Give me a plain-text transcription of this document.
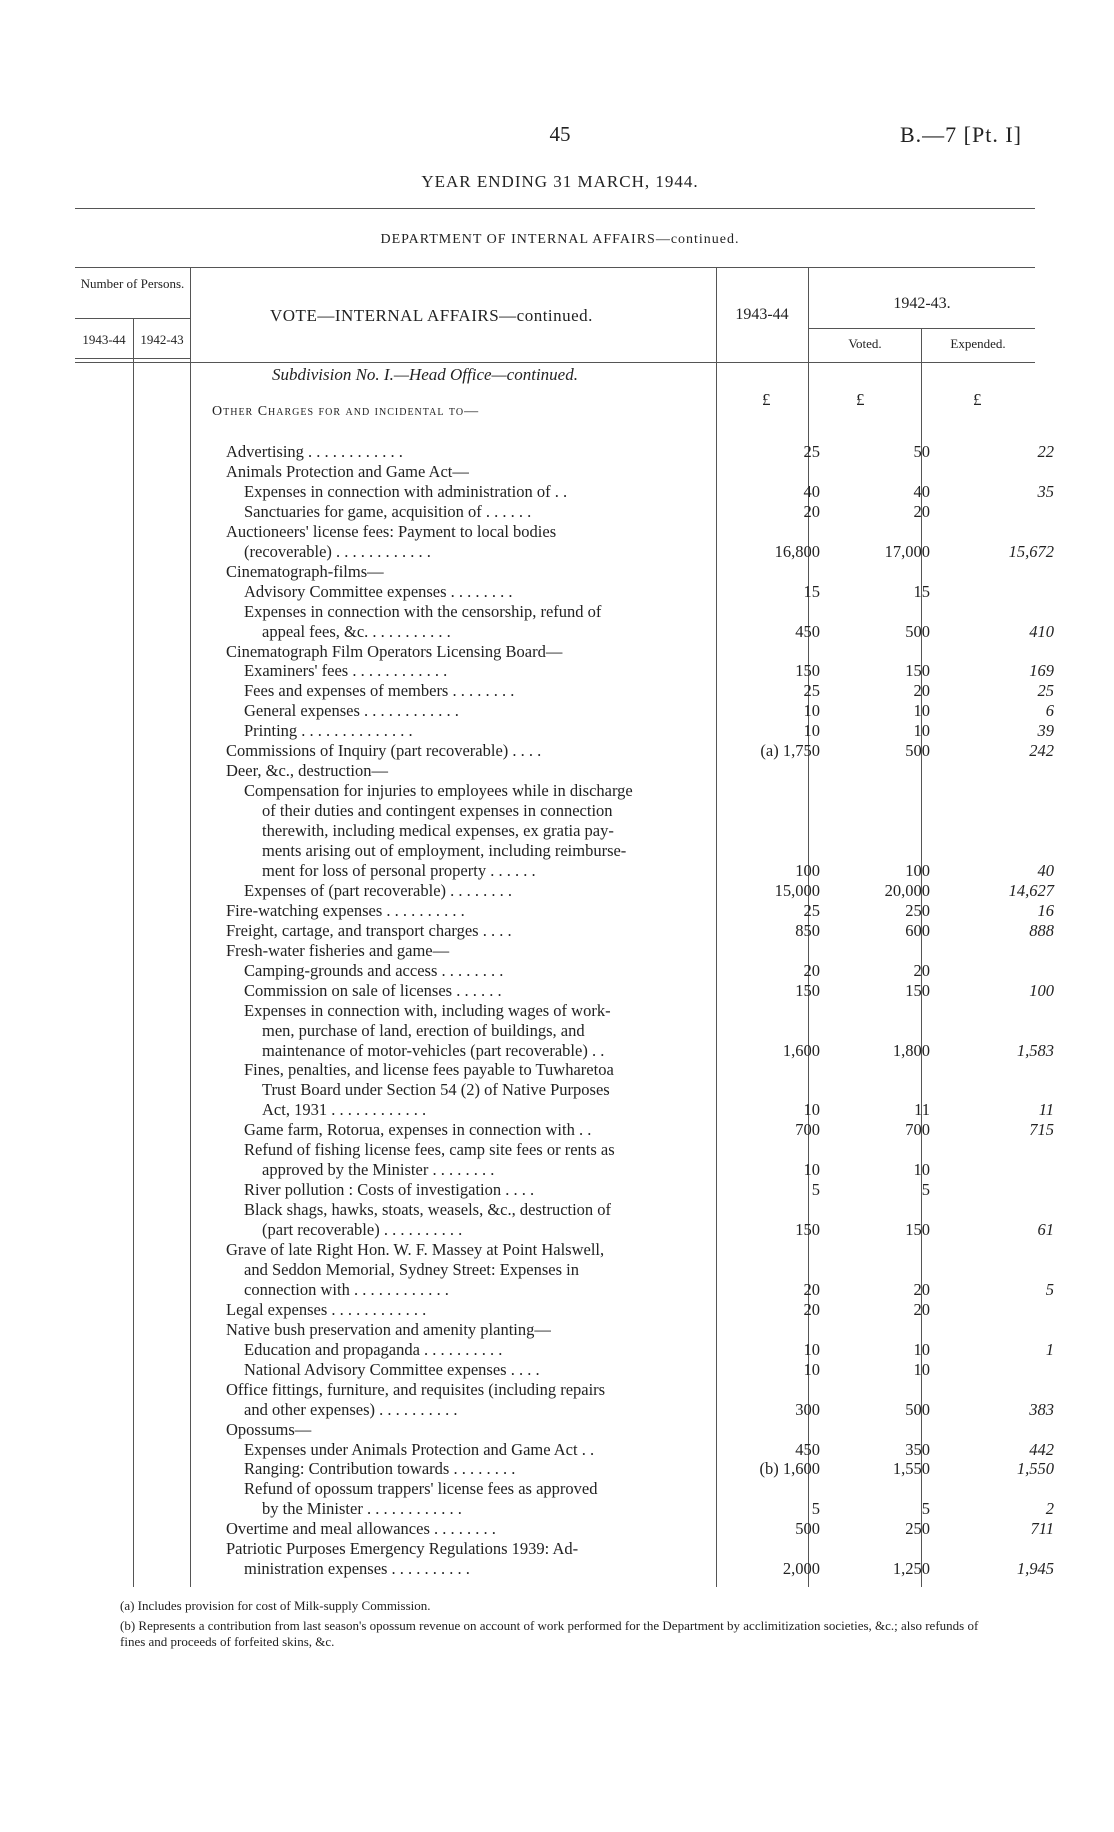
45	B.—7 [Pt. I]
YEAR ENDING 31 MARCH, 1944.
DEPARTMENT OF INTERNAL AFFAIRS—continued.
Number of Persons.
1943-44	1942-43
VOTE—INTERNAL AFFAIRS—continued.	1943-44
1942-43.
Voted.	Expended.
Subdivision No. I.—Head Office—continued.
Other Charges for and incidental to—
£	£	£
Advertising . . . . . . . . . . . .	25	50	22
Animals Protection and Game Act—
Expenses in connection with administration of . .	40	40	35
Sanctuaries for game, acquisition of . . . . . .	20	20
Auctioneers' license fees: Payment to local bodies
(recoverable) . . . . . . . . . . . .	16,800	17,000	15,672
Cinematograph-films—
Advisory Committee expenses . . . . . . . .	15	15
Expenses in connection with the censorship, refund of
appeal fees, &c. . . . . . . . . . .	450	500	410
Cinematograph Film Operators Licensing Board—
Examiners' fees . . . . . . . . . . . .	150	150	169
Fees and expenses of members . . . . . . . .	25	20	25
General expenses . . . . . . . . . . . .	10	10	6
Printing . . . . . . . . . . . . . .	10	10	39
Commissions of Inquiry (part recoverable) . . . .	(a) 1,750	500	242
Deer, &c., destruction—
Compensation for injuries to employees while in discharge
of their duties and contingent expenses in connection
therewith, including medical expenses, ex gratia pay-
ments arising out of employment, including reimburse-
ment for loss of personal property . . . . . .	100	100	40
Expenses of (part recoverable) . . . . . . . .	15,000	20,000	14,627
Fire-watching expenses . . . . . . . . . .	25	250	16
Freight, cartage, and transport charges . . . .	850	600	888
Fresh-water fisheries and game—
Camping-grounds and access . . . . . . . .	20	20
Commission on sale of licenses . . . . . .	150	150	100
Expenses in connection with, including wages of work-
men, purchase of land, erection of buildings, and
maintenance of motor-vehicles (part recoverable) . .	1,600	1,800	1,583
Fines, penalties, and license fees payable to Tuwharetoa
Trust Board under Section 54 (2) of Native Purposes
Act, 1931 . . . . . . . . . . . .	10	11	11
Game farm, Rotorua, expenses in connection with . .	700	700	715
Refund of fishing license fees, camp site fees or rents as
approved by the Minister . . . . . . . .	10	10
River pollution : Costs of investigation . . . .	5	5
Black shags, hawks, stoats, weasels, &c., destruction of
(part recoverable) . . . . . . . . . .	150	150	61
Grave of late Right Hon. W. F. Massey at Point Halswell,
and Seddon Memorial, Sydney Street: Expenses in
connection with . . . . . . . . . . . .	20	20	5
Legal expenses . . . . . . . . . . . .	20	20
Native bush preservation and amenity planting—
Education and propaganda . . . . . . . . . .	10	10	1
National Advisory Committee expenses . . . .	10	10
Office fittings, furniture, and requisites (including repairs
and other expenses) . . . . . . . . . .	300	500	383
Opossums—
Expenses under Animals Protection and Game Act . .	450	350	442
Ranging: Contribution towards . . . . . . . .	(b) 1,600	1,550	1,550
Refund of opossum trappers' license fees as approved
by the Minister . . . . . . . . . . . .	5	5	2
Overtime and meal allowances . . . . . . . .	500	250	711
Patriotic Purposes Emergency Regulations 1939: Ad-
ministration expenses . . . . . . . . . .	2,000	1,250	1,945
(a) Includes provision for cost of Milk-supply Commission.
(b) Represents a contribution from last season's opossum revenue on account of work performed for the Department by acclimitization societies, &c.; also refunds of fines and proceeds of forfeited skins, &c.
